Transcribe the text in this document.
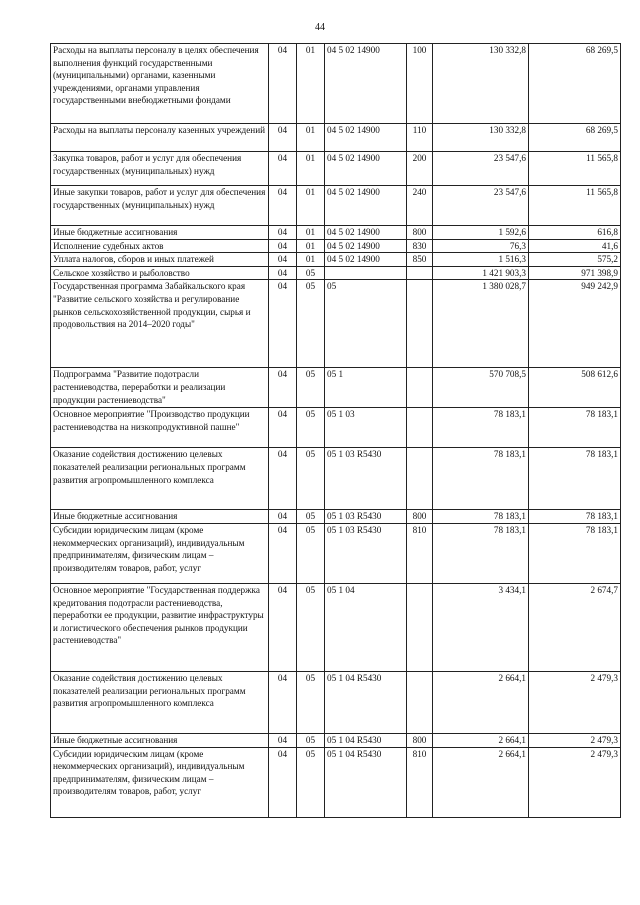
44
Расходы на выплаты персоналу в целях обеспечения выполнения функций государственными (муниципальными) органами, казенными учреждениями, органами управления государственными внебюджетными фондами	04	01	04 5 02 14900	100	130 332,8	68 269,5
Расходы на выплаты персоналу казенных учреждений	04	01	04 5 02 14900	110	130 332,8	68 269,5
Закупка товаров, работ и услуг для обеспечения государственных (муниципальных) нужд	04	01	04 5 02 14900	200	23 547,6	11 565,8
Иные закупки товаров, работ и услуг для обеспечения государственных (муниципальных) нужд	04	01	04 5 02 14900	240	23 547,6	11 565,8
Иные бюджетные ассигнования	04	01	04 5 02 14900	800	1 592,6	616,8
Исполнение судебных актов	04	01	04 5 02 14900	830	76,3	41,6
Уплата налогов, сборов и иных платежей	04	01	04 5 02 14900	850	1 516,3	575,2
Сельское хозяйство и рыболовство	04	05			1 421 903,3	971 398,9
Государственная программа Забайкальского края "Развитие сельского хозяйства и регулирование рынков сельскохозяйственной продукции, сырья и продовольствия на 2014–2020 годы"	04	05	05		1 380 028,7	949 242,9
Подпрограмма "Развитие подотрасли растениеводства, переработки и реализации продукции растениеводства"	04	05	05 1		570 708,5	508 612,6
Основное мероприятие "Производство продукции растениеводства на низкопродуктивной пашне"	04	05	05 1 03		78 183,1	78 183,1
Оказание содействия достижению целевых показателей реализации региональных программ развития агропромышленного комплекса	04	05	05 1 03 R5430		78 183,1	78 183,1
Иные бюджетные ассигнования	04	05	05 1 03 R5430	800	78 183,1	78 183,1
Субсидии юридическим лицам (кроме некоммерческих организаций), индивидуальным предпринимателям, физическим лицам – производителям товаров, работ, услуг	04	05	05 1 03 R5430	810	78 183,1	78 183,1
Основное мероприятие "Государственная поддержка кредитования подотрасли растениеводства, переработки ее продукции, развитие инфраструктуры и логистического обеспечения рынков продукции растениеводства"	04	05	05 1 04		3 434,1	2 674,7
Оказание содействия достижению целевых показателей реализации региональных программ развития агропромышленного комплекса	04	05	05 1 04 R5430		2 664,1	2 479,3
Иные бюджетные ассигнования	04	05	05 1 04 R5430	800	2 664,1	2 479,3
Субсидии юридическим лицам (кроме некоммерческих организаций), индивидуальным предпринимателям, физическим лицам – производителям товаров, работ, услуг	04	05	05 1 04 R5430	810	2 664,1	2 479,3
